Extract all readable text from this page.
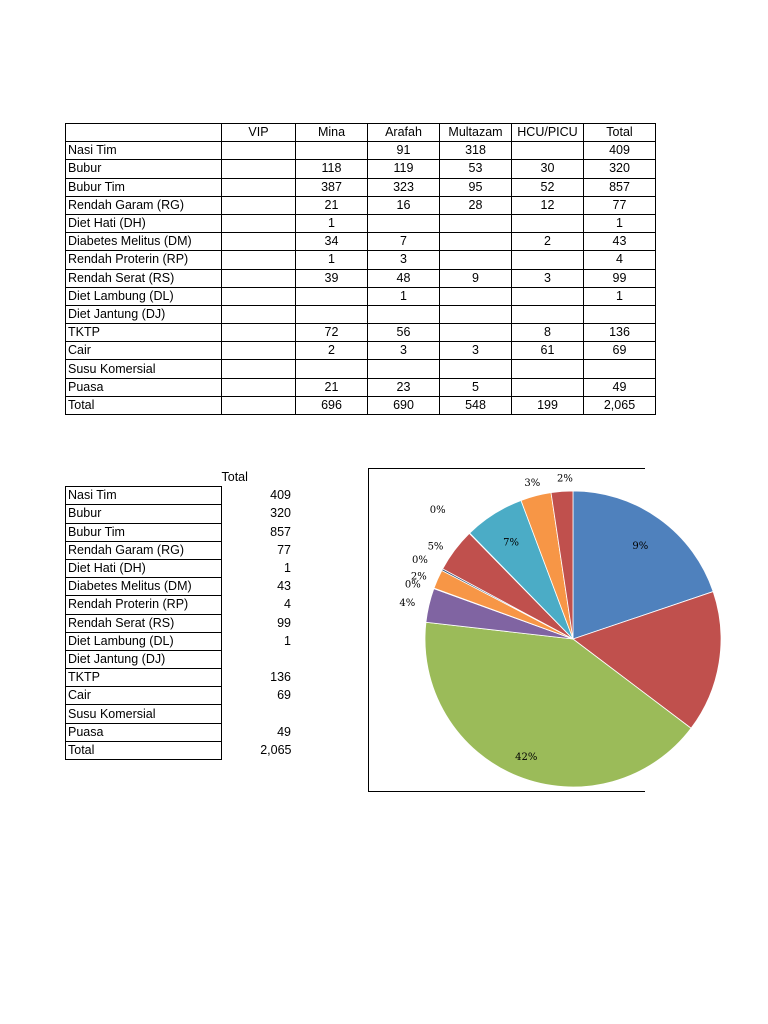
	VIP	Mina	Arafah	Multazam	HCU/PICU	Total
Nasi Tim			91	318		409
Bubur		118	119	53	30	320
Bubur Tim		387	323	95	52	857
Rendah Garam (RG)		21	16	28	12	77
Diet Hati (DH)		1				1
Diabetes Melitus (DM)		34	7		2	43
Rendah Proterin (RP)		1	3			4
Rendah Serat (RS)		39	48	9	3	99
Diet Lambung (DL)			1			1
Diet Jantung (DJ)						
TKTP		72	56		8	136
Cair		2	3	3	61	69
Susu Komersial						
Puasa		21	23	5		49
Total		696	690	548	199	2,065
	Total
Nasi Tim	409
Bubur	320
Bubur Tim	857
Rendah Garam (RG)	77
Diet Hati (DH)	1
Diabetes Melitus (DM)	43
Rendah Proterin (RP)	4
Rendah Serat (RS)	99
Diet Lambung (DL)	1
Diet Jantung (DJ)	
TKTP	136
Cair	69
Susu Komersial	
Puasa	49
Total	2,065
9%
42%
4%
0%
2%
0%
5%
0%
7%
3% 2%
